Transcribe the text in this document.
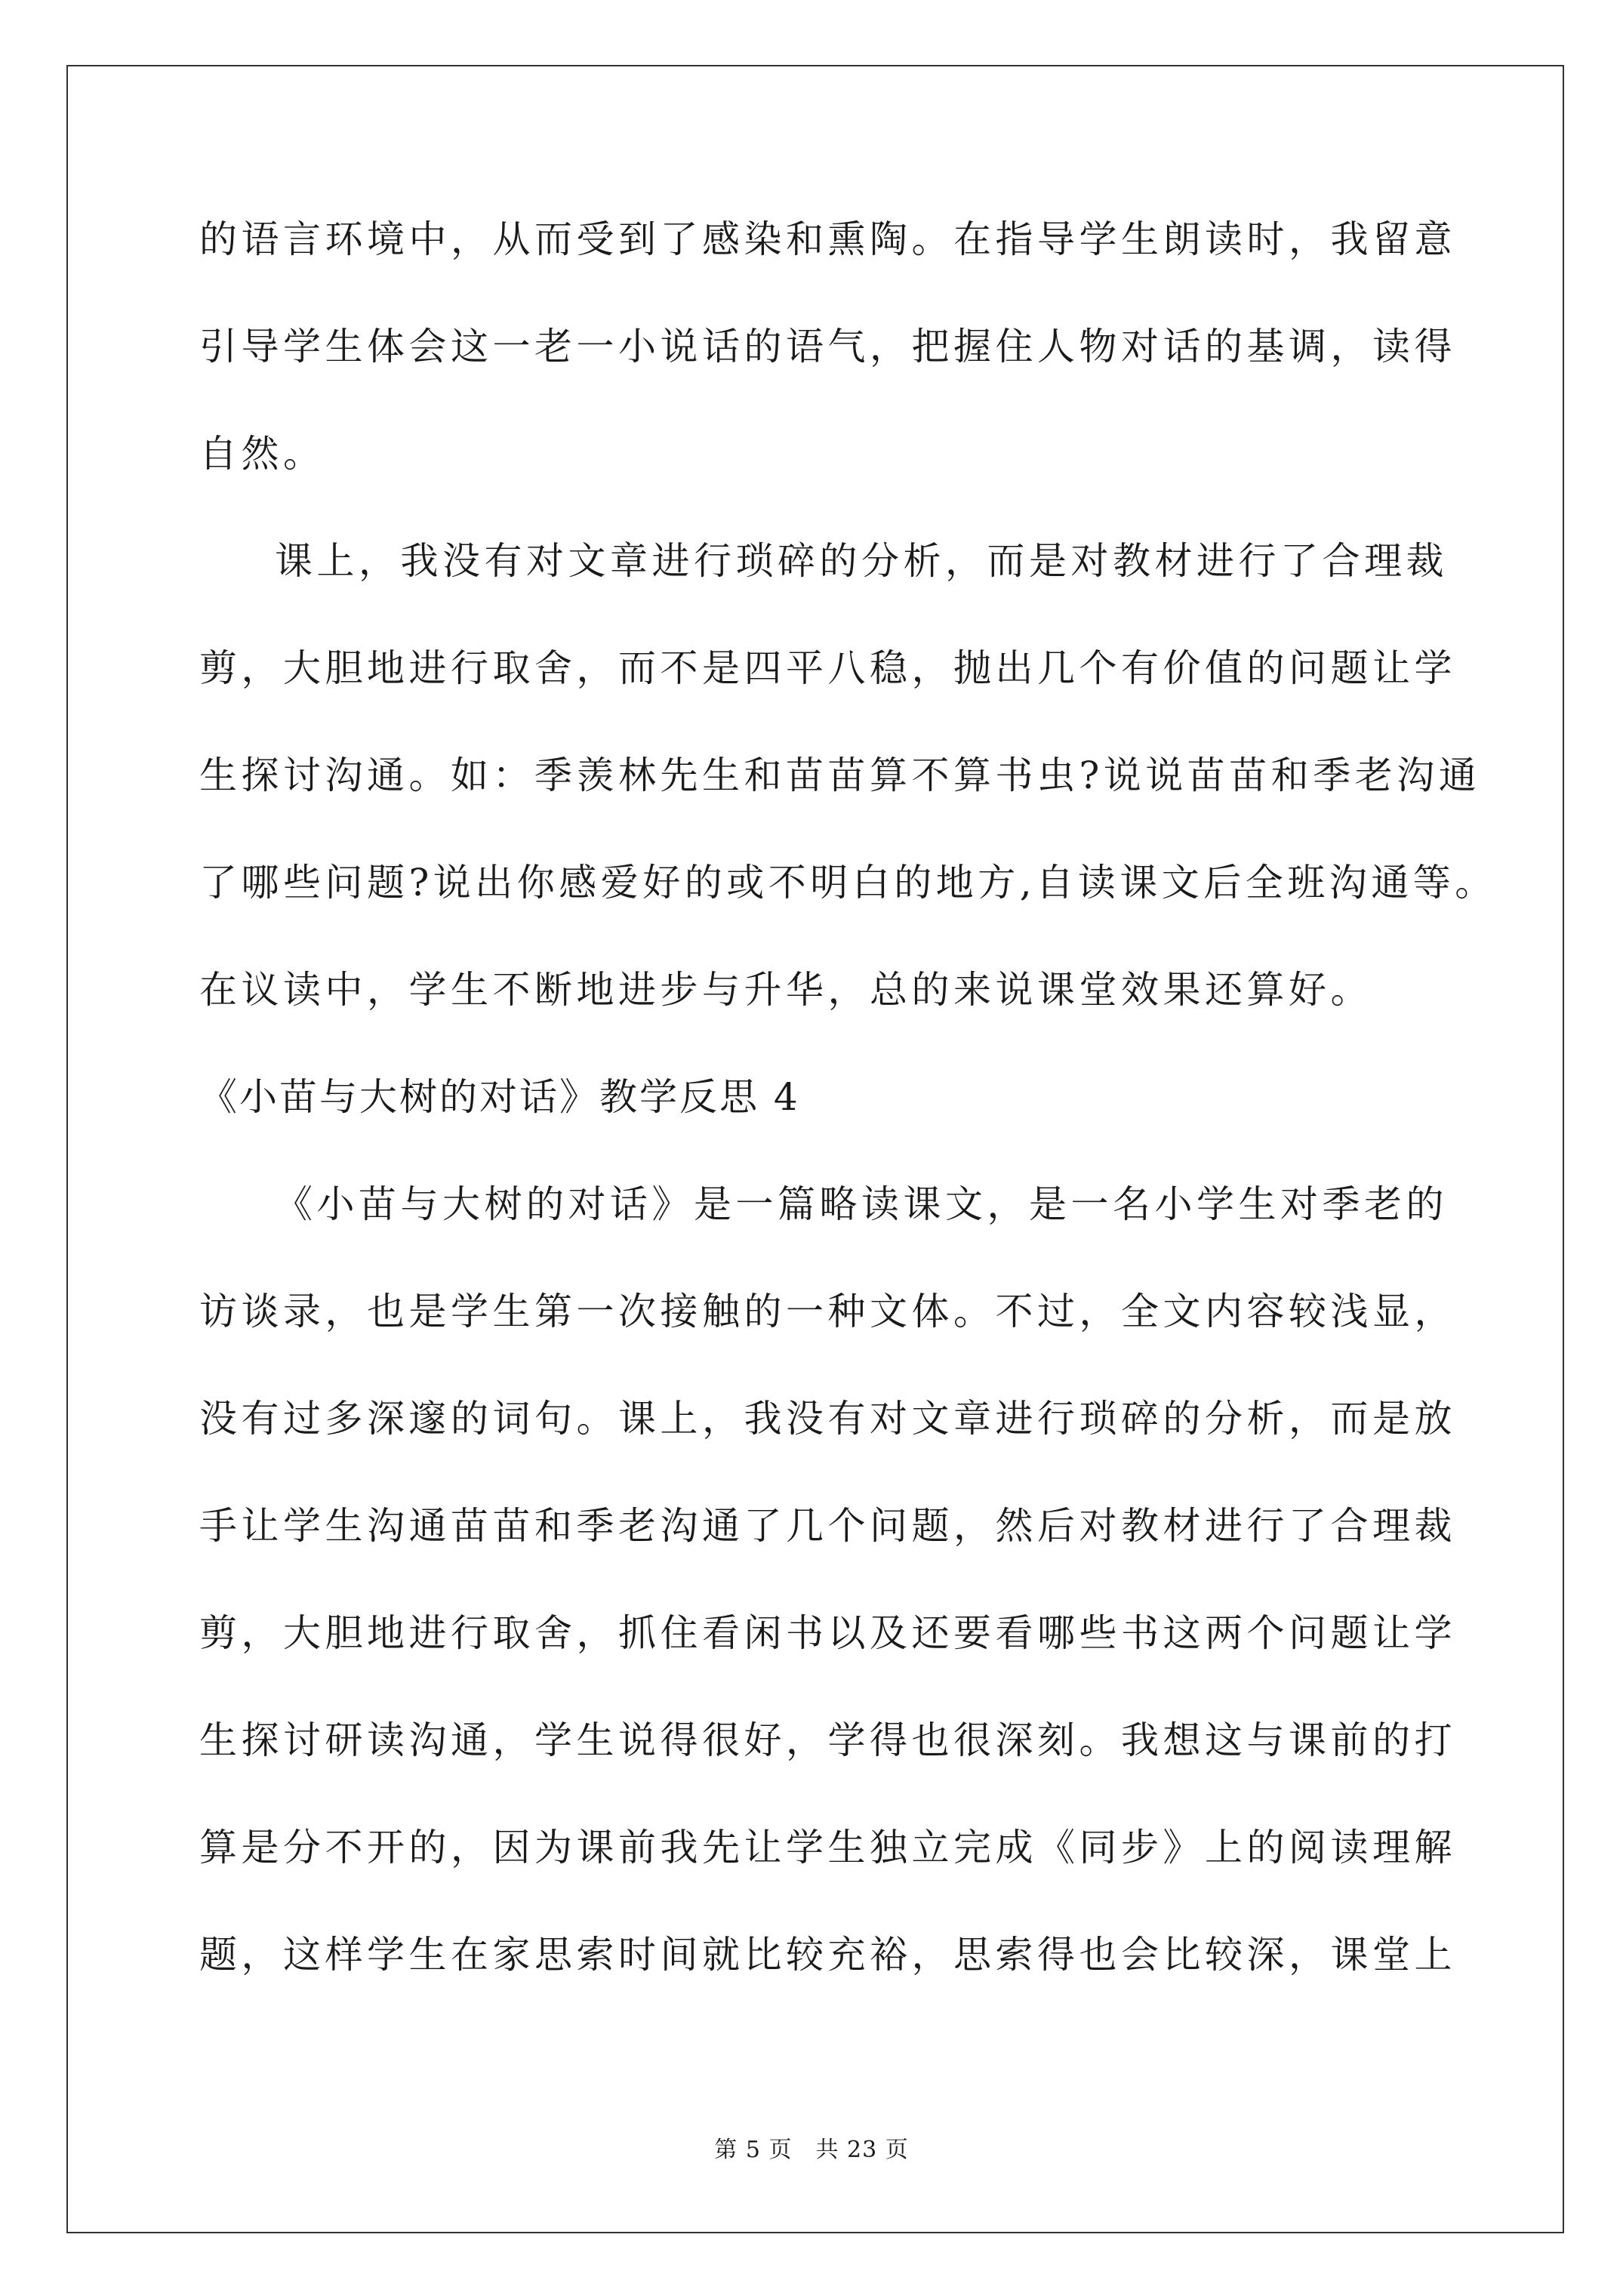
的语言环境中，从而受到了感染和熏陶。在指导学生朗读时，我留意
引导学生体会这一老一小说话的语气，把握住人物对话的基调，读得
自然。
课上，我没有对文章进行琐碎的分析，而是对教材进行了合理裁
剪，大胆地进行取舍，而不是四平八稳，抛出几个有价值的问题让学
生探讨沟通。如：季羡林先生和苗苗算不算书虫?说说苗苗和季老沟通
了哪些问题?说出你感爱好的或不明白的地方,自读课文后全班沟通等。
在议读中，学生不断地进步与升华，总的来说课堂效果还算好。
《小苗与大树的对话》教学反思 4
《小苗与大树的对话》是一篇略读课文，是一名小学生对季老的
访谈录，也是学生第一次接触的一种文体。不过，全文内容较浅显，
没有过多深邃的词句。课上，我没有对文章进行琐碎的分析，而是放
手让学生沟通苗苗和季老沟通了几个问题，然后对教材进行了合理裁
剪，大胆地进行取舍，抓住看闲书以及还要看哪些书这两个问题让学
生探讨研读沟通，学生说得很好，学得也很深刻。我想这与课前的打
算是分不开的，因为课前我先让学生独立完成《同步》上的阅读理解
题，这样学生在家思索时间就比较充裕，思索得也会比较深，课堂上
第 5 页　共 23 页
